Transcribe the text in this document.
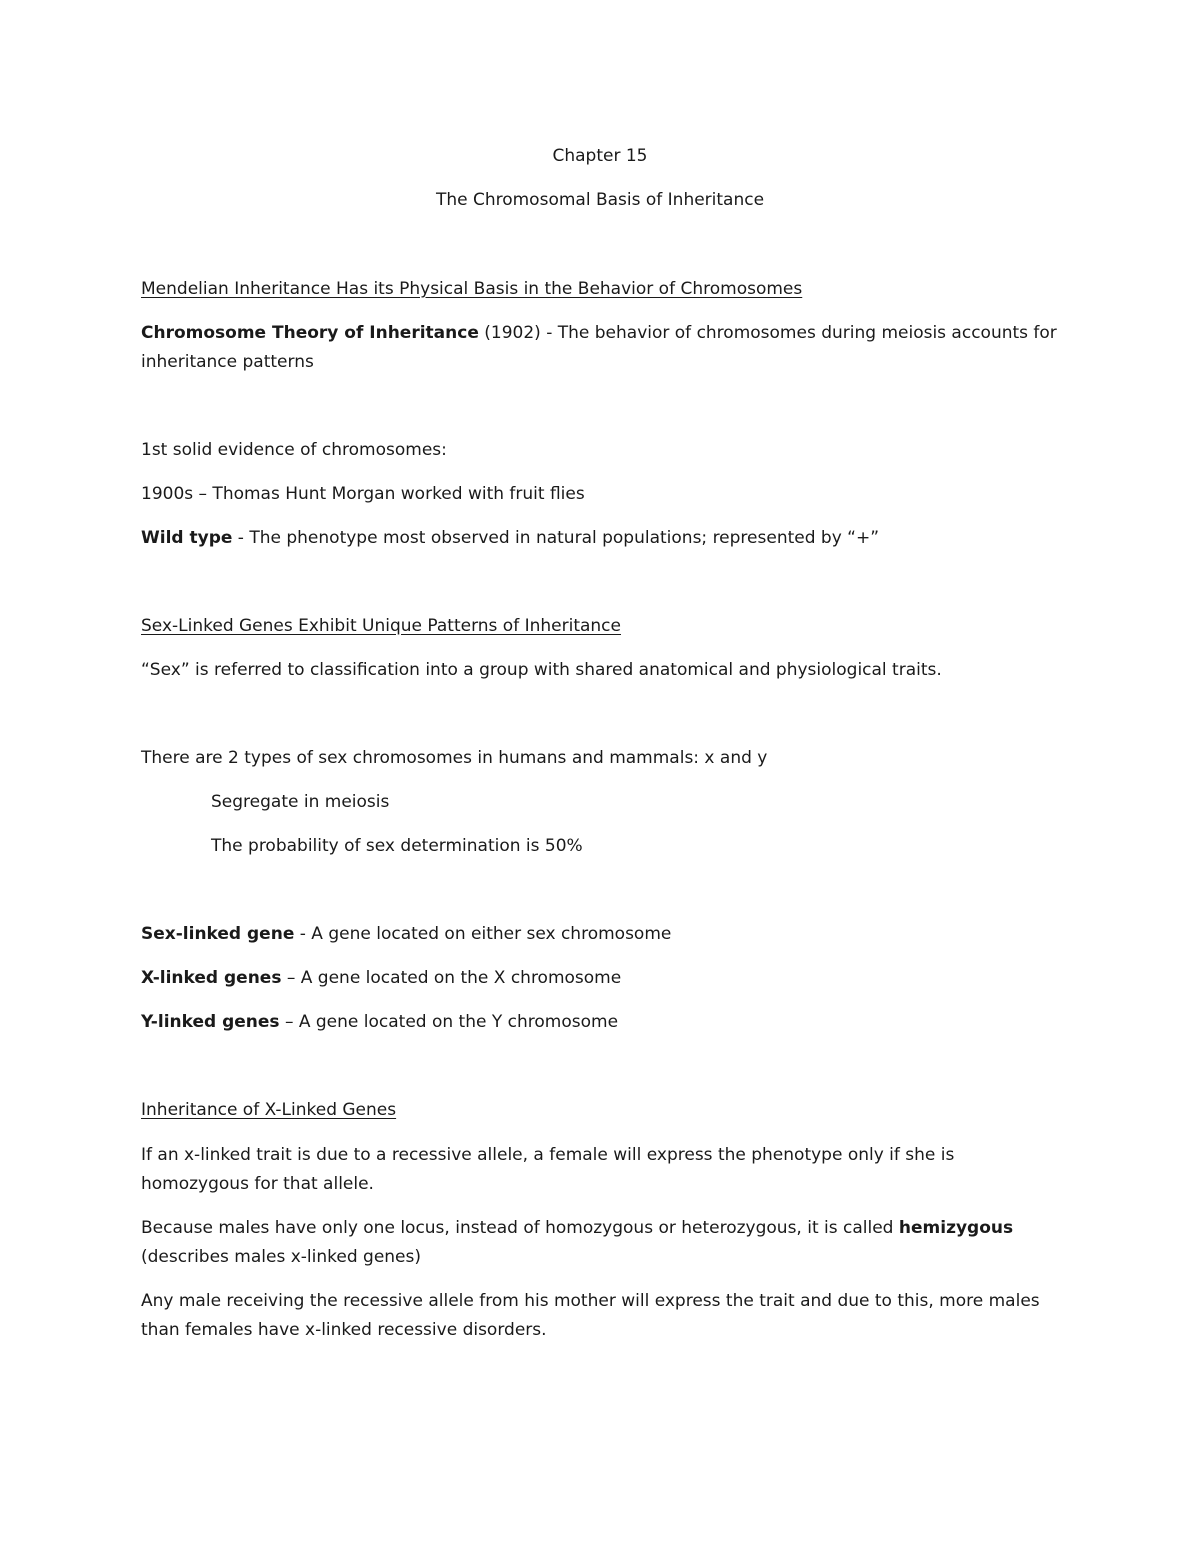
Chapter 15

The Chromosomal Basis of Inheritance

Mendelian Inheritance Has its Physical Basis in the Behavior of Chromosomes

Chromosome Theory of Inheritance (1902) - The behavior of chromosomes during meiosis accounts for

inheritance patterns

1st solid evidence of chromosomes:

1900s – Thomas Hunt Morgan worked with fruit flies

Wild type - The phenotype most observed in natural populations; represented by “+”

Sex-Linked Genes Exhibit Unique Patterns of Inheritance

“Sex” is referred to classification into a group with shared anatomical and physiological traits.

There are 2 types of sex chromosomes in humans and mammals: x and y

Segregate in meiosis

The probability of sex determination is 50%

Sex-linked gene - A gene located on either sex chromosome

X-linked genes – A gene located on the X chromosome

Y-linked genes – A gene located on the Y chromosome

Inheritance of X-Linked Genes

If an x-linked trait is due to a recessive allele, a female will express the phenotype only if she is

homozygous for that allele.

Because males have only one locus, instead of homozygous or heterozygous, it is called hemizygous

(describes males x-linked genes)

Any male receiving the recessive allele from his mother will express the trait and due to this, more males

than females have x-linked recessive disorders.
